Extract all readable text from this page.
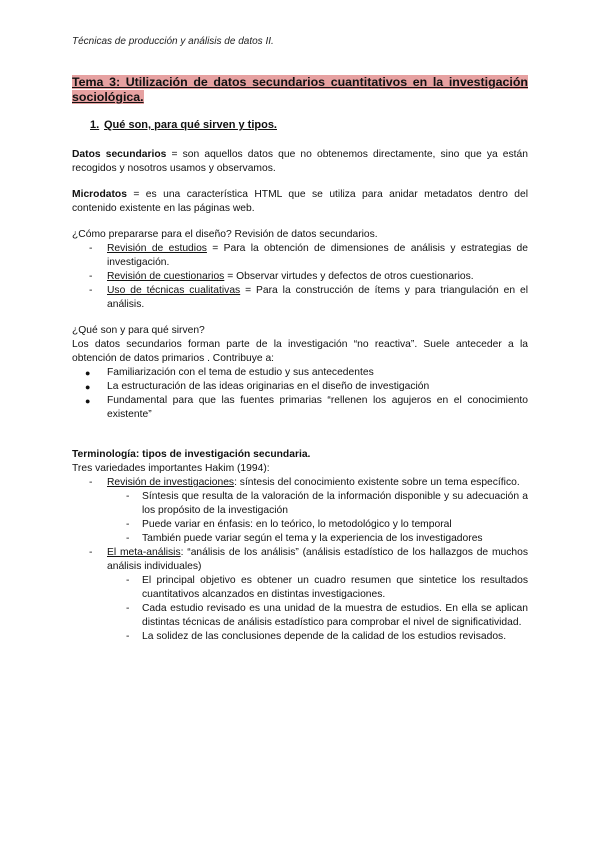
Técnicas de producción y análisis de datos II.
Tema 3: Utilización de datos secundarios cuantitativos en la investigación sociológica.
1. Qué son, para qué sirven y tipos.

Datos secundarios = son aquellos datos que no obtenemos directamente, sino que ya están recogidos y nosotros usamos y observamos.

Microdatos = es una característica HTML que se utiliza para anidar metadatos dentro del contenido existente en las páginas web.

¿Cómo prepararse para el diseño? Revisión de datos secundarios.

-	Revisión de estudios = Para la obtención de dimensiones de análisis y estrategias de investigación.
-	Revisión de cuestionarios = Observar virtudes y defectos de otros cuestionarios.
-	Uso de técnicas cualitativas = Para la construcción de ítems y para triangulación en el análisis.

¿Qué son y para qué sirven?

Los datos secundarios forman parte de la investigación “no reactiva”. Suele anteceder a la obtención de datos primarios . Contribuye a:

●	Familiarización con el tema de estudio y sus antecedentes
●	La estructuración de las ideas originarias en el diseño de investigación
●	Fundamental para que las fuentes primarias “rellenen los agujeros en el conocimiento existente”

Terminología: tipos de investigación secundaria.

Tres variedades importantes Hakim (1994):

-	Revisión de investigaciones: síntesis del conocimiento existente sobre un tema específico.
-	Síntesis que resulta de la valoración de la información disponible y su adecuación a los propósito de la investigación
-	Puede variar en énfasis: en lo teórico, lo metodológico y lo temporal
-	También puede variar según el tema y la experiencia de los investigadores
-	El meta-análisis: “análisis de los análisis” (análisis estadístico de los hallazgos de muchos análisis individuales)
-	El principal objetivo es obtener un cuadro resumen que sintetice los resultados cuantitativos alcanzados en distintas investigaciones.
-	Cada estudio revisado es una unidad de la muestra de estudios. En ella se aplican distintas técnicas de análisis estadístico para comprobar el nivel de significatividad.
-	La solidez de las conclusiones depende de la calidad de los estudios revisados.
